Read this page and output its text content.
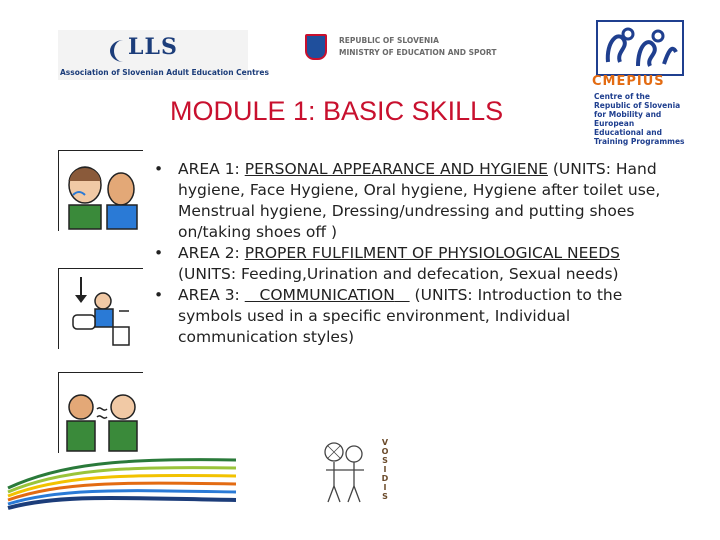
LLS
Association of Slovenian Adult Education Centres
REPUBLIC OF SLOVENIA
MINISTRY OF EDUCATION AND SPORT
CMEPIUS
Centre of the Republic of Slovenia for Mobility and European Educational and Training Programmes
MODULE 1: BASIC SKILLS
• AREA 1: PERSONAL APPEARANCE AND HYGIENE (UNITS: Hand hygiene, Face Hygiene, Oral hygiene, Hygiene after toilet use, Menstrual hygiene, Dressing/undressing and putting shoes on/taking shoes off )
• AREA 2: PROPER FULFILMENT OF PHYSIOLOGICAL NEEDS (UNITS: Feeding,Urination and defecation, Sexual needs)
• AREA 3:    COMMUNICATION    (UNITS: Introduction to the symbols used in a specific environment, Individual communication styles)
V
O
S
I
D
I
S
